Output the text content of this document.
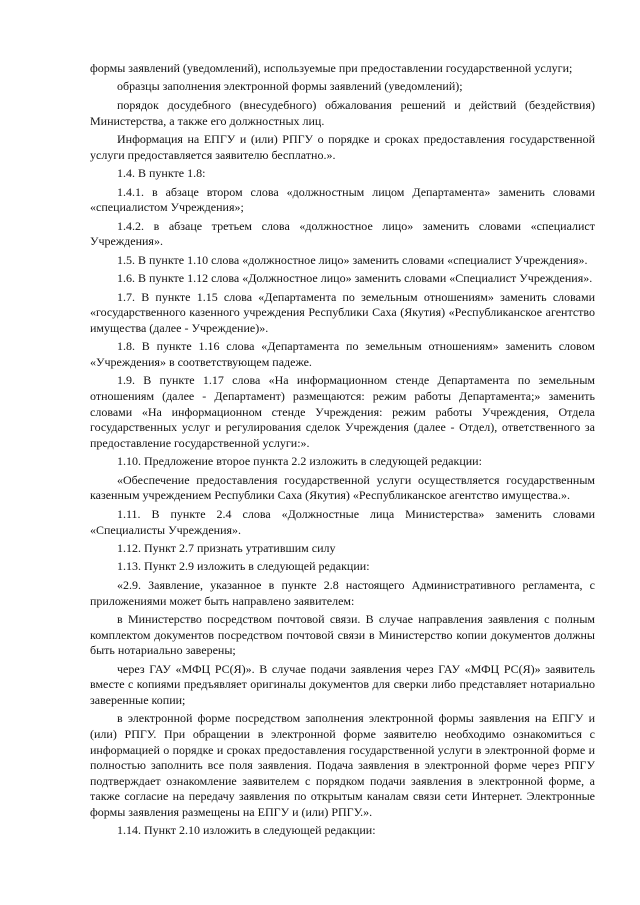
формы заявлений (уведомлений), используемые при предоставлении государственной услуги;

образцы заполнения электронной формы заявлений (уведомлений);

порядок досудебного (внесудебного) обжалования решений и действий (бездействия) Министерства, а также его должностных лиц.

Информация на ЕПГУ и (или) РПГУ о порядке и сроках предоставления государственной услуги предоставляется заявителю бесплатно.».

1.4. В пункте 1.8:

1.4.1. в абзаце втором слова «должностным лицом Департамента» заменить словами «специалистом Учреждения»;

1.4.2. в абзаце третьем слова «должностное лицо» заменить словами «специалист Учреждения».

1.5. В пункте 1.10 слова «должностное лицо» заменить словами «специалист Учреждения».

1.6. В пункте 1.12 слова «Должностное лицо» заменить словами «Специалист Учреждения».

1.7. В пункте 1.15 слова «Департамента по земельным отношениям» заменить словами «государственного казенного учреждения Республики Саха (Якутия) «Республиканское агентство имущества (далее - Учреждение)».

1.8. В пункте 1.16 слова «Департамента по земельным отношениям» заменить словом «Учреждения» в соответствующем падеже.

1.9. В пункте 1.17 слова «На информационном стенде Департамента по земельным отношениям (далее - Департамент) размещаются: режим работы Департамента;» заменить словами «На информационном стенде Учреждения: режим работы Учреждения, Отдела государственных услуг и регулирования сделок Учреждения (далее - Отдел), ответственного за предоставление государственной услуги:».

1.10. Предложение второе пункта 2.2 изложить в следующей редакции:

«Обеспечение предоставления государственной услуги осуществляется государственным казенным учреждением Республики Саха (Якутия) «Республиканское агентство имущества.».

1.11. В пункте 2.4 слова «Должностные лица Министерства» заменить словами «Специалисты Учреждения».

1.12. Пункт 2.7 признать утратившим силу

1.13. Пункт 2.9 изложить в следующей редакции:

«2.9. Заявление, указанное в пункте 2.8 настоящего Административного регламента, с приложениями может быть направлено заявителем:

в Министерство посредством почтовой связи. В случае направления заявления с полным комплектом документов посредством почтовой связи в Министерство копии документов должны быть нотариально заверены;

через ГАУ «МФЦ РС(Я)». В случае подачи заявления через ГАУ «МФЦ РС(Я)» заявитель вместе с копиями предъявляет оригиналы документов для сверки либо представляет нотариально заверенные копии;

в электронной форме посредством заполнения электронной формы заявления на ЕПГУ и (или) РПГУ. При обращении в электронной форме заявителю необходимо ознакомиться с информацией о порядке и сроках предоставления государственной услуги в электронной форме и полностью заполнить все поля заявления. Подача заявления в электронной форме через РПГУ подтверждает ознакомление заявителем с порядком подачи заявления в электронной форме, а также согласие на передачу заявления по открытым каналам связи сети Интернет. Электронные формы заявления размещены на ЕПГУ и (или) РПГУ.».

1.14. Пункт 2.10 изложить в следующей редакции:
